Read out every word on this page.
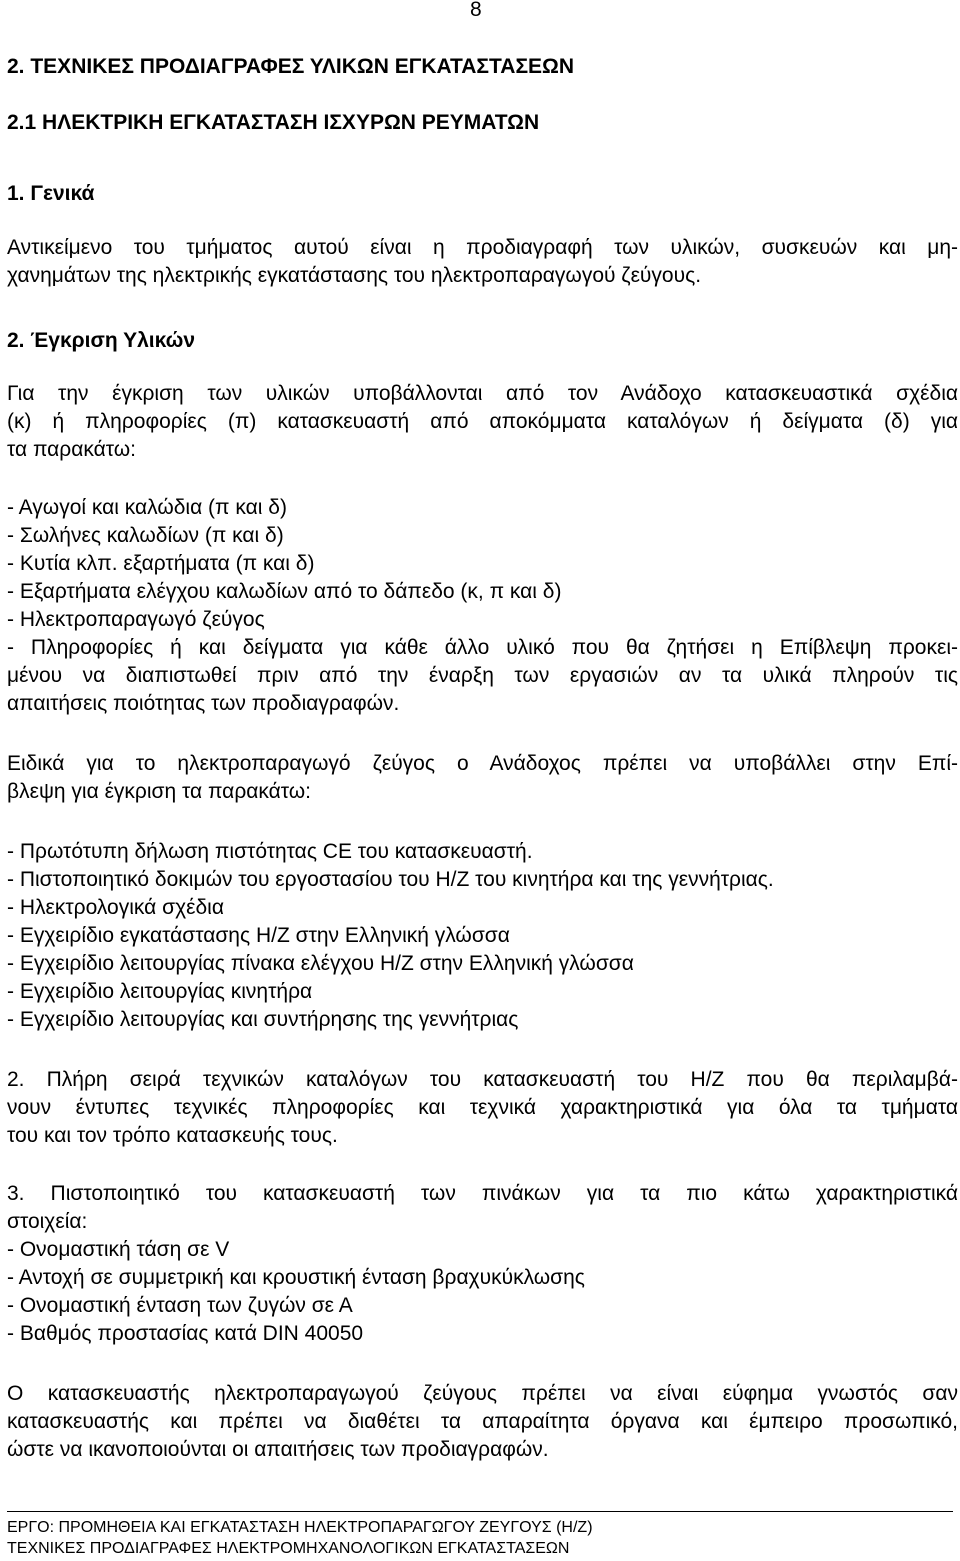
8
2. ΤΕΧΝΙΚΕΣ ΠΡΟΔΙΑΓΡΑΦΕΣ ΥΛΙΚΩΝ ΕΓΚΑΤΑΣΤΑΣΕΩΝ
2.1 ΗΛΕΚΤΡΙΚΗ ΕΓΚΑΤΑΣΤΑΣΗ ΙΣΧΥΡΩΝ ΡΕΥΜΑΤΩΝ
1. Γενικά
Αντικείμενο του τμήματος αυτού είναι η προδιαγραφή των υλικών, συσκευών και μη-
χανημάτων της ηλεκτρικής εγκατάστασης του ηλεκτροπαραγωγού ζεύγους.
2. Έγκριση Υλικών
Για την έγκριση των υλικών υποβάλλονται από τον Ανάδοχο κατασκευαστικά σχέδια
(κ) ή πληροφορίες (π) κατασκευαστή από αποκόμματα καταλόγων ή δείγματα (δ) για
τα παρακάτω:
- Αγωγοί και καλώδια (π και δ)
- Σωλήνες καλωδίων (π και δ)
- Κυτία κλπ. εξαρτήματα (π και δ)
- Εξαρτήματα ελέγχου καλωδίων από το δάπεδο (κ, π και δ)
- Ηλεκτροπαραγωγό ζεύγος
- Πληροφορίες ή και δείγματα για κάθε άλλο υλικό που θα ζητήσει η Επίβλεψη προκει-
μένου να διαπιστωθεί πριν από την έναρξη των εργασιών αν τα υλικά πληρούν τις
απαιτήσεις ποιότητας των προδιαγραφών.
Ειδικά για το ηλεκτροπαραγωγό ζεύγος ο Ανάδοχος πρέπει να υποβάλλει στην Επί-
βλεψη για έγκριση τα παρακάτω:
- Πρωτότυπη δήλωση πιστότητας CE του κατασκευαστή.
- Πιστοποιητικό δοκιμών του εργοστασίου του Η/Ζ του κινητήρα και της γεννήτριας.
- Ηλεκτρολογικά σχέδια
- Εγχειρίδιο εγκατάστασης Η/Ζ στην Ελληνική γλώσσα
- Εγχειρίδιο λειτουργίας πίνακα ελέγχου Η/Ζ στην Ελληνική γλώσσα
- Εγχειρίδιο λειτουργίας κινητήρα
- Εγχειρίδιο λειτουργίας και συντήρησης της γεννήτριας
2. Πλήρη σειρά τεχνικών καταλόγων του κατασκευαστή του Η/Ζ που θα περιλαμβά-
νουν έντυπες τεχνικές πληροφορίες και τεχνικά χαρακτηριστικά για όλα τα τμήματα
του και τον τρόπο κατασκευής τους.
3. Πιστοποιητικό του κατασκευαστή των πινάκων για τα πιο κάτω χαρακτηριστικά
στοιχεία:
- Ονομαστική τάση σε V
- Αντοχή σε συμμετρική και κρουστική ένταση βραχυκύκλωσης
- Ονομαστική ένταση των ζυγών σε Α
- Βαθμός προστασίας κατά DIN 40050
Ο κατασκευαστής ηλεκτροπαραγωγού ζεύγους πρέπει να είναι εύφημα γνωστός σαν
κατασκευαστής και πρέπει να διαθέτει τα απαραίτητα όργανα και έμπειρο προσωπικό,
ώστε να ικανοποιούνται οι απαιτήσεις των προδιαγραφών.
ΕΡΓΟ: ΠΡΟΜΗΘΕΙΑ ΚΑΙ ΕΓΚΑΤΑΣΤΑΣΗ ΗΛΕΚΤΡΟΠΑΡΑΓΩΓΟΥ ΖΕΥΓΟΥΣ (Η/Ζ)
ΤΕΧΝΙΚΕΣ ΠΡΟΔΙΑΓΡΑΦΕΣ ΗΛΕΚΤΡΟΜΗΧΑΝΟΛΟΓΙΚΩΝ ΕΓΚΑΤΑΣΤΑΣΕΩΝ
